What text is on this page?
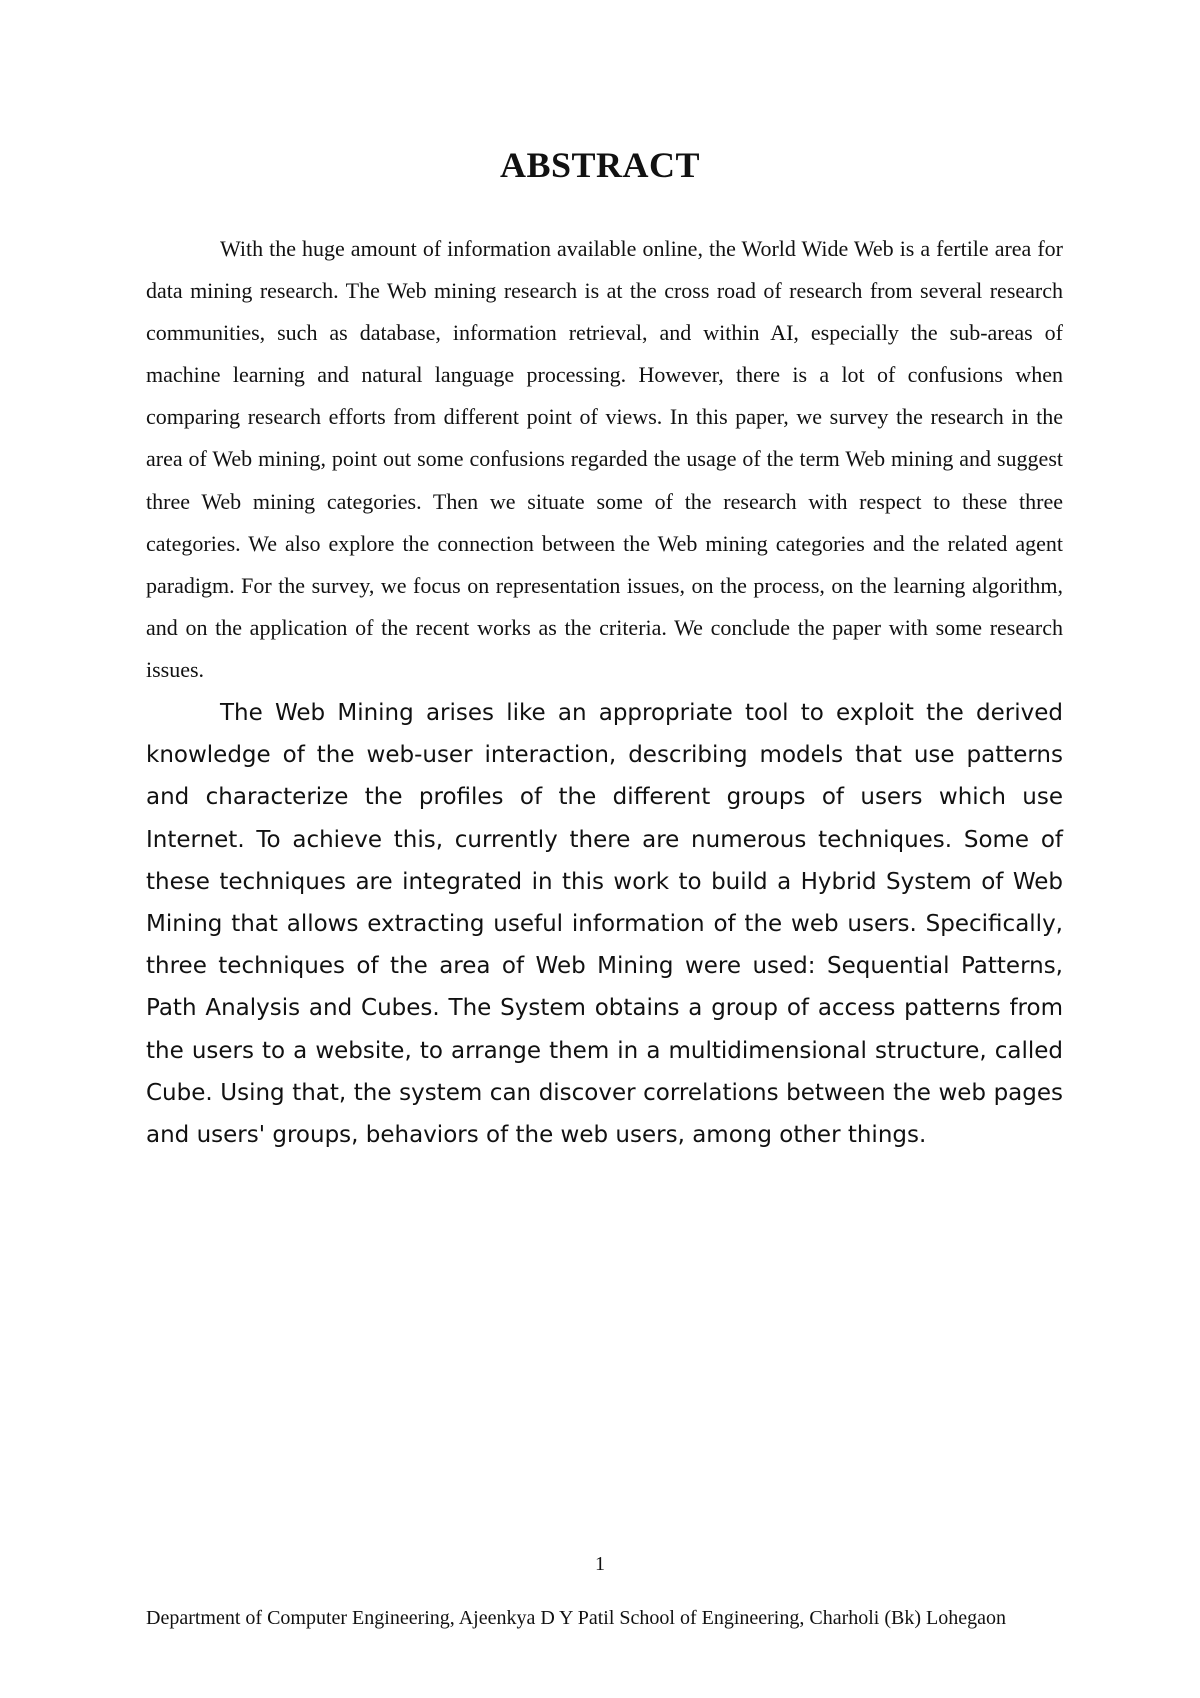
ABSTRACT

With the huge amount of information available online, the World Wide Web is a fertile area for data mining research. The Web mining research is at the cross road of research from several research communities, such as database, information retrieval, and within AI, especially the sub-areas of machine learning and natural language processing. However, there is a lot of confusions when comparing research efforts from different point of views. In this paper, we survey the research in the area of Web mining, point out some confusions regarded the usage of the term Web mining and suggest three Web mining categories. Then we situate some of the research with respect to these three categories. We also explore the connection between the Web mining categories and the related agent paradigm. For the survey, we focus on representation issues, on the process, on the learning algorithm, and on the application of the recent works as the criteria. We conclude the paper with some research issues.

The Web Mining arises like an appropriate tool to exploit the derived knowledge of the web-user interaction, describing models that use patterns and characterize the profiles of the different groups of users which use Internet. To achieve this, currently there are numerous techniques. Some of these techniques are integrated in this work to build a Hybrid System of Web Mining that allows extracting useful information of the web users. Specifically, three techniques of the area of Web Mining were used: Sequential Patterns, Path Analysis and Cubes. The System obtains a group of access patterns from the users to a website, to arrange them in a multidimensional structure, called Cube. Using that, the system can discover correlations between the web pages and users' groups, behaviors of the web users, among other things.

1
Department of Computer Engineering, Ajeenkya D Y Patil School of Engineering, Charholi (Bk) Lohegaon
